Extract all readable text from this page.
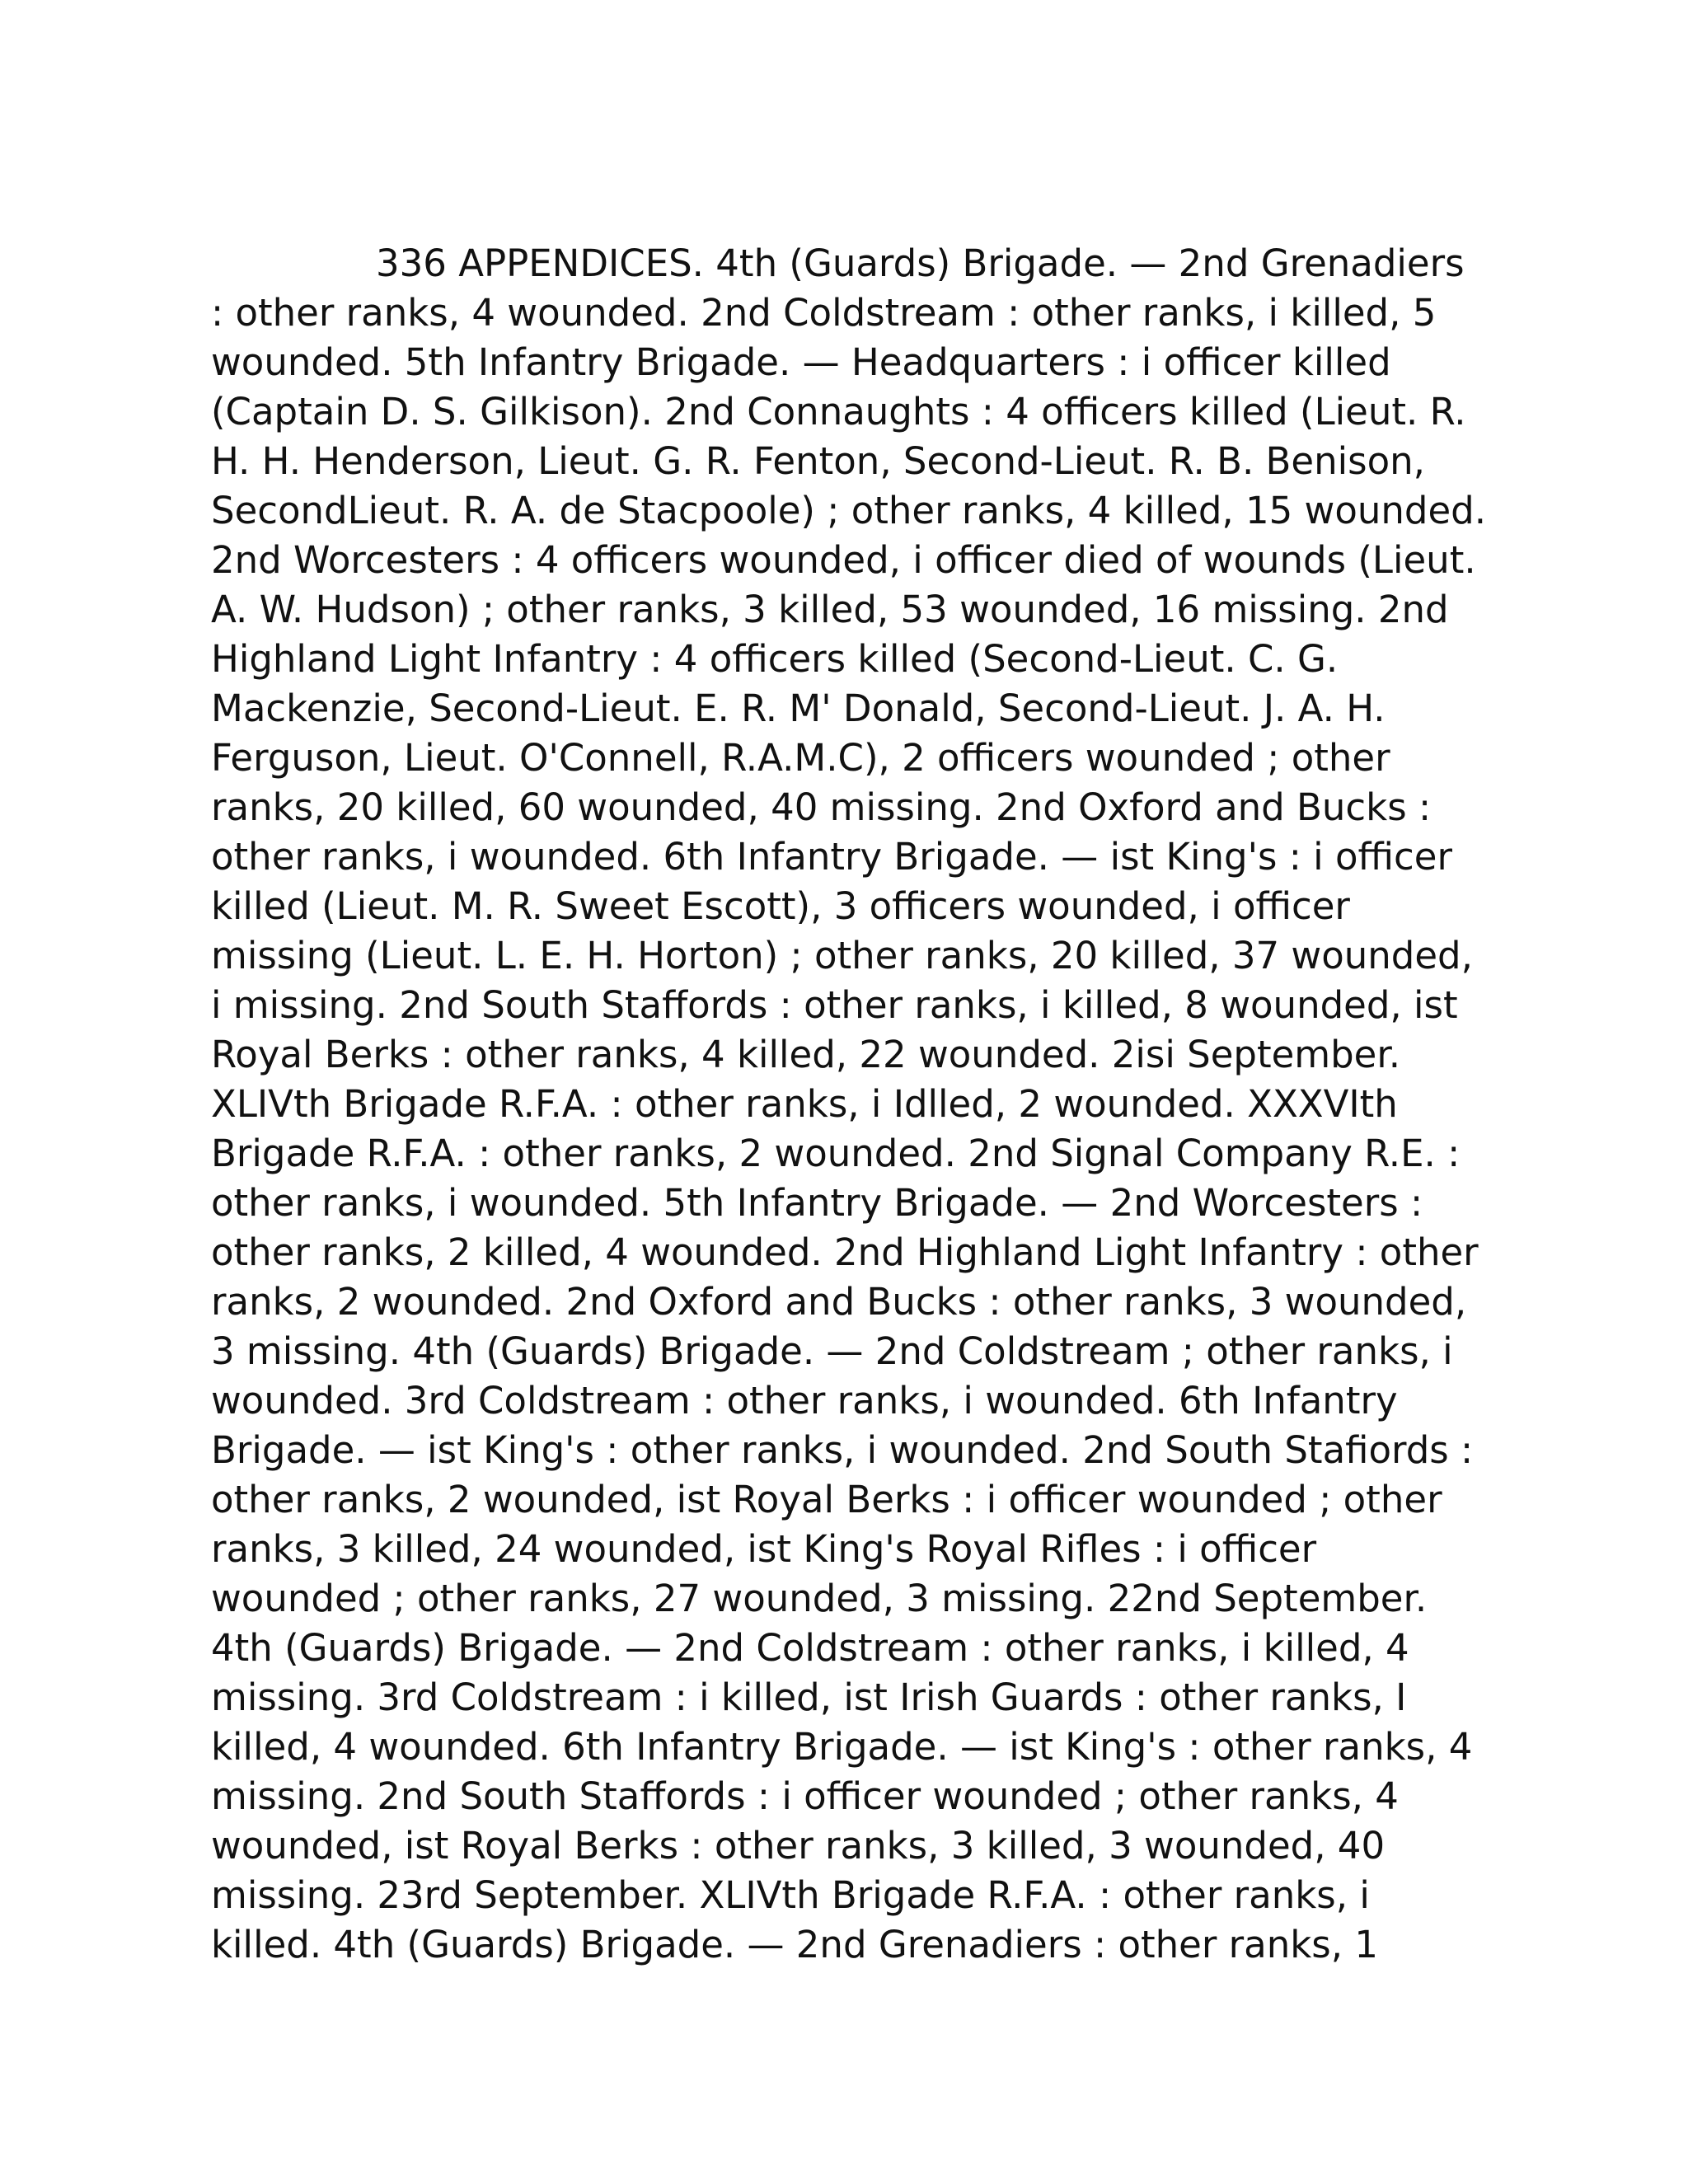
336 APPENDICES. 4th (Guards) Brigade. — 2nd Grenadiers
: other ranks, 4 wounded. 2nd Coldstream : other ranks, i killed, 5
wounded. 5th Infantry Brigade. — Headquarters : i officer killed
(Captain D. S. Gilkison). 2nd Connaughts : 4 officers killed (Lieut. R.
H. H. Henderson, Lieut. G. R. Fenton, Second-Lieut. R. B. Benison,
SecondLieut. R. A. de Stacpoole) ; other ranks, 4 killed, 15 wounded.
2nd Worcesters : 4 officers wounded, i officer died of wounds (Lieut.
A. W. Hudson) ; other ranks, 3 killed, 53 wounded, 16 missing. 2nd
Highland Light Infantry : 4 officers killed (Second-Lieut. C. G.
Mackenzie, Second-Lieut. E. R. M' Donald, Second-Lieut. J. A. H.
Ferguson, Lieut. O'Connell, R.A.M.C), 2 officers wounded ; other
ranks, 20 killed, 60 wounded, 40 missing. 2nd Oxford and Bucks :
other ranks, i wounded. 6th Infantry Brigade. — ist King's : i officer
killed (Lieut. M. R. Sweet Escott), 3 officers wounded, i officer
missing (Lieut. L. E. H. Horton) ; other ranks, 20 killed, 37 wounded,
i missing. 2nd South Staffords : other ranks, i killed, 8 wounded, ist
Royal Berks : other ranks, 4 killed, 22 wounded. 2isi September.
XLIVth Brigade R.F.A. : other ranks, i Idlled, 2 wounded. XXXVIth
Brigade R.F.A. : other ranks, 2 wounded. 2nd Signal Company R.E. :
other ranks, i wounded. 5th Infantry Brigade. — 2nd Worcesters :
other ranks, 2 killed, 4 wounded. 2nd Highland Light Infantry : other
ranks, 2 wounded. 2nd Oxford and Bucks : other ranks, 3 wounded,
3 missing. 4th (Guards) Brigade. — 2nd Coldstream ; other ranks, i
wounded. 3rd Coldstream : other ranks, i wounded. 6th Infantry
Brigade. — ist King's : other ranks, i wounded. 2nd South Stafiords :
other ranks, 2 wounded, ist Royal Berks : i officer wounded ; other
ranks, 3 killed, 24 wounded, ist King's Royal Rifles : i officer
wounded ; other ranks, 27 wounded, 3 missing. 22nd September.
4th (Guards) Brigade. — 2nd Coldstream : other ranks, i killed, 4
missing. 3rd Coldstream : i killed, ist Irish Guards : other ranks, I
killed, 4 wounded. 6th Infantry Brigade. — ist King's : other ranks, 4
missing. 2nd South Staffords : i officer wounded ; other ranks, 4
wounded, ist Royal Berks : other ranks, 3 killed, 3 wounded, 40
missing. 23rd September. XLIVth Brigade R.F.A. : other ranks, i
killed. 4th (Guards) Brigade. — 2nd Grenadiers : other ranks, 1
